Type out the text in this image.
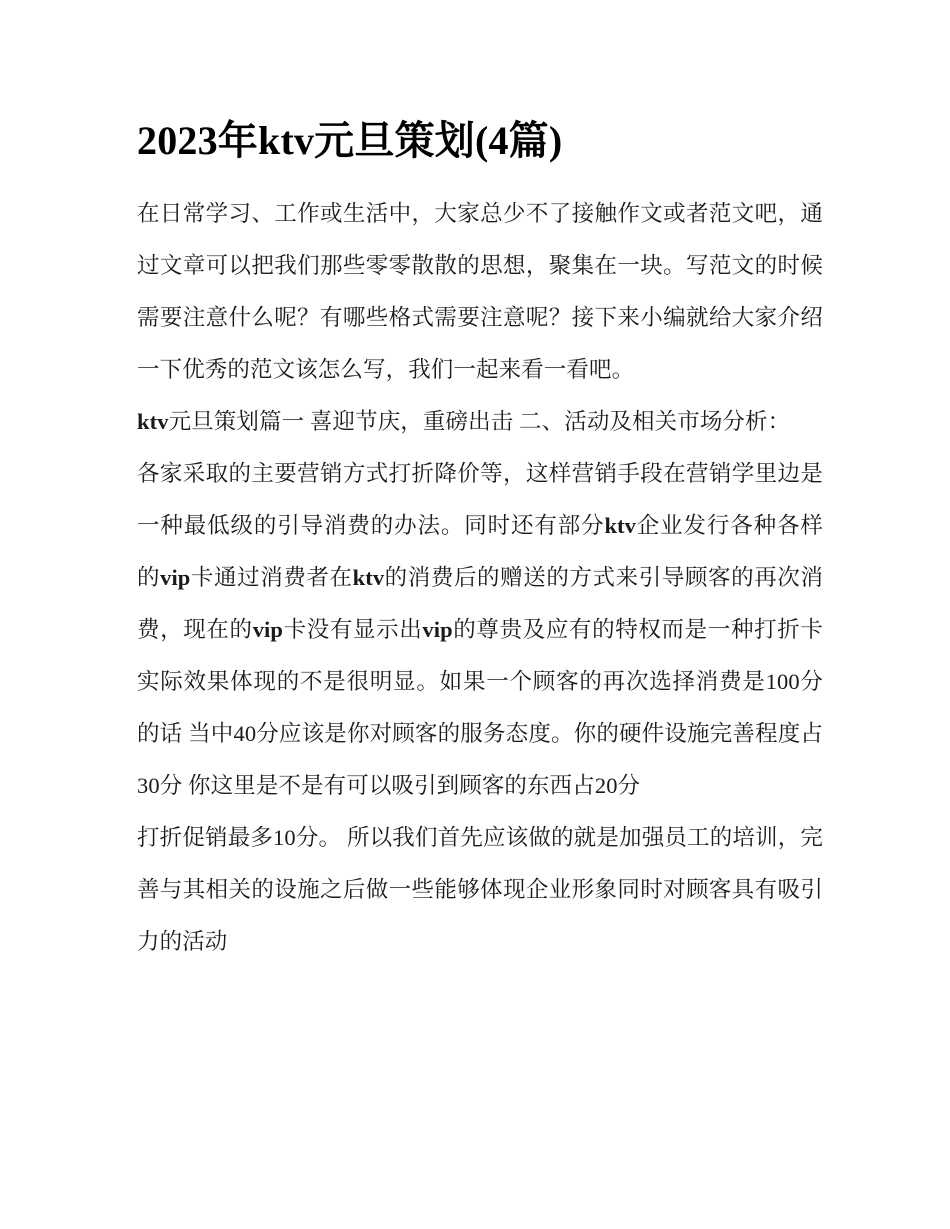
2023年ktv元旦策划(4篇)

在日常学习、工作或生活中，大家总少不了接触作文或者范文吧，通过文章可以把我们那些零零散散的思想，聚集在一块。写范文的时候需要注意什么呢？有哪些格式需要注意呢？接下来小编就给大家介绍一下优秀的范文该怎么写，我们一起来看一看吧。

ktv元旦策划篇一 喜迎节庆，重磅出击 二、活动及相关市场分析：

各家采取的主要营销方式打折降价等，这样营销手段在营销学里边是一种最低级的引导消费的办法。同时还有部分ktv企业发行各种各样的vip卡通过消费者在ktv的消费后的赠送的方式来引导顾客的再次消费，现在的vip卡没有显示出vip的尊贵及应有的特权而是一种打折卡实际效果体现的不是很明显。如果一个顾客的再次选择消费是100分的话 当中40分应该是你对顾客的服务态度。你的硬件设施完善程度占30分 你这里是不是有可以吸引到顾客的东西占20分

打折促销最多10分。 所以我们首先应该做的就是加强员工的培训，完善与其相关的设施之后做一些能够体现企业形象同时对顾客具有吸引力的活动
